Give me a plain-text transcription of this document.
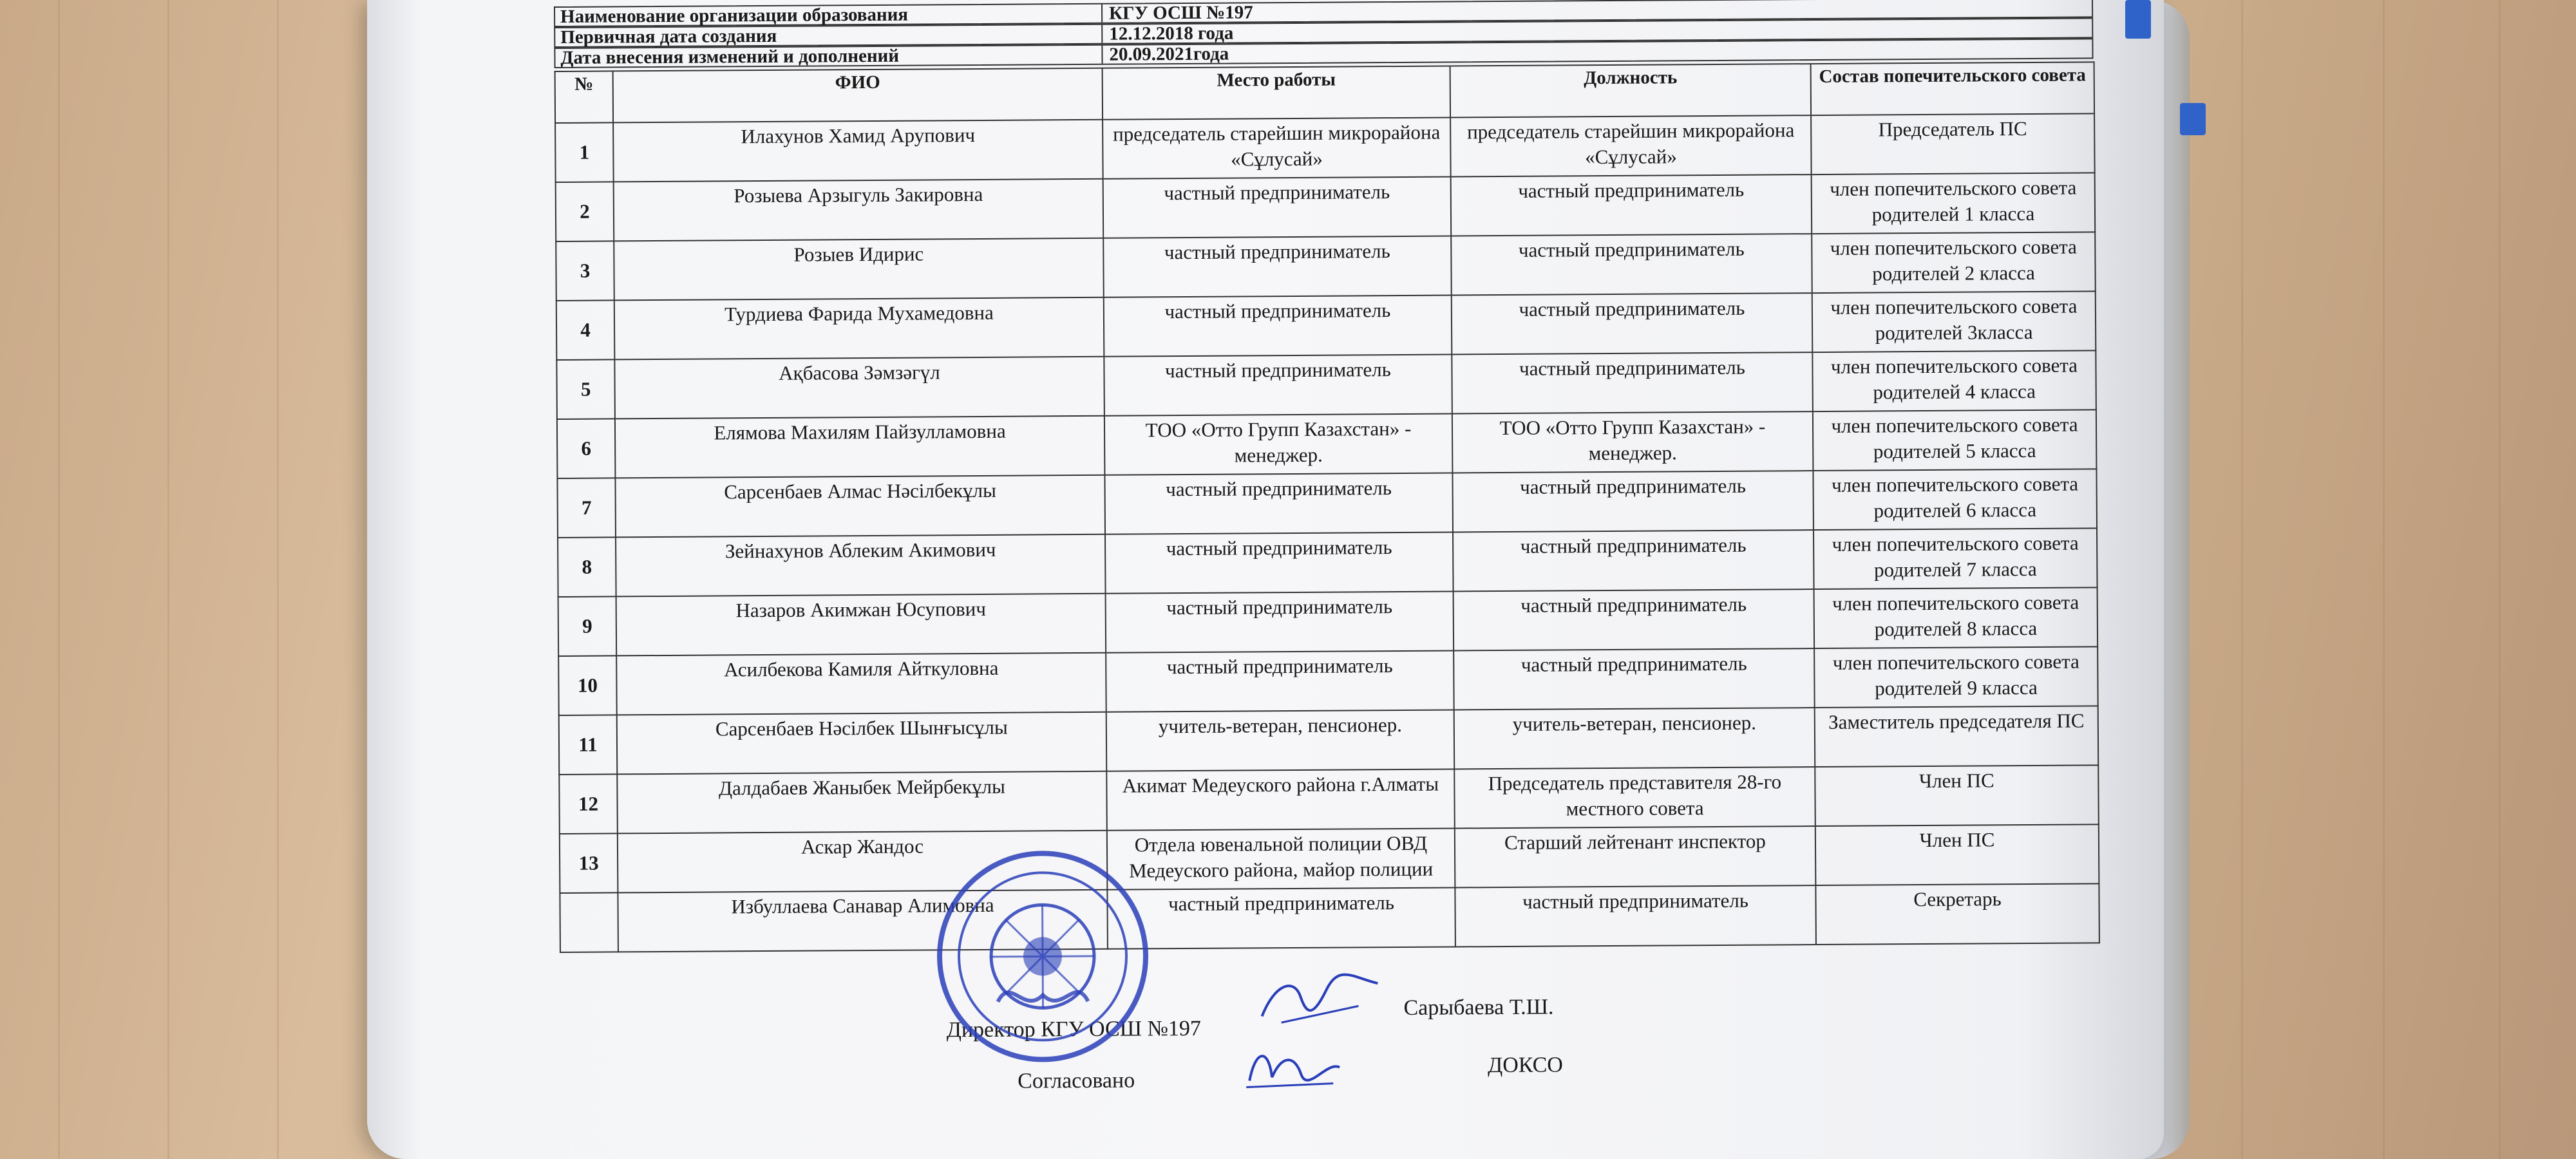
Наименование организации образования	КГУ ОСШ №197
Первичная дата создания	12.12.2018 года
Дата внесения изменений и дополнений	20.09.2021года
№	ФИО	Место работы	Должность	Состав попечительского совета
1	Илахунов Хамид Арупович	председатель старейшин микрорайона «Сұлусай»	председатель старейшин микрорайона «Сұлусай»	Председатель ПС
2	Розыева Арзыгуль Закировна	частный предприниматель	частный предприниматель	член попечительского совета родителей 1 класса
3	Розыев Идирис	частный предприниматель	частный предприниматель	член попечительского совета родителей 2 класса
4	Турдиева Фарида Мухамедовна	частный предприниматель	частный предприниматель	член попечительского совета родителей 3класса
5	Ақбасова Зәмзәгүл	частный предприниматель	частный предприниматель	член попечительского совета родителей 4 класса
6	Елямова Махилям Пайзулламовна	ТОО «Отто Групп Казахстан» - менеджер.	ТОО «Отто Групп Казахстан» - менеджер.	член попечительского совета родителей 5 класса
7	Сарсенбаев Алмас Нәсілбекұлы	частный предприниматель	частный предприниматель	член попечительского совета родителей 6 класса
8	Зейнахунов Аблеким Акимович	частный предприниматель	частный предприниматель	член попечительского совета родителей 7 класса
9	Назаров Акимжан Юсупович	частный предприниматель	частный предприниматель	член попечительского совета родителей 8 класса
10	Асилбекова Камиля Айткуловна	частный предприниматель	частный предприниматель	член попечительского совета родителей 9 класса
11	Сарсенбаев Нәсілбек Шынғысұлы	учитель-ветеран, пенсионер.	учитель-ветеран, пенсионер.	Заместитель председателя ПС
12	Далдабаев Жаныбек Мейрбекұлы	Акимат Медеуского района г.Алматы	Председатель представителя 28-го местного совета	Член ПС
13	Аскар Жандос	Отдела ювенальной полиции ОВД Медеуского района, майор полиции	Старший лейтенант инспектор	Член ПС
	Избуллаева Санавар Алимовна	частный предприниматель	частный предприниматель	Секретарь
Директор КГУ ОСШ №197
Сарыбаева Т.Ш.
Согласовано
ДОКСО
